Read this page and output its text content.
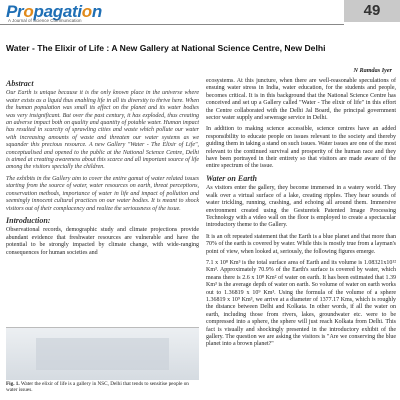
Propagation
A Journal of Science Communication
49
Water - The Elixir of Life : A New Gallery at National Science Centre, New Delhi
N Ramdas Iyer
Abstract

Our Earth is unique because it is the only known place in the universe where water exists as a liquid thus enabling life in all its diversity to thrive here. When the human population was small its effect on the planet and its water bodies was very insignificant. But over the past century, it has exploded, thus creating an adverse impact both on quality and quantity of potable water. Human impact has resulted in scarcity of sprawling cities and waste which pollute our water with increasing amounts of waste and threaten our water systems as we squander this precious resource. A new Gallery "Water - The Elixir of Life", conceptualised and opened to the public at the National Science Centre, Delhi is aimed at creating awareness about this scarce and all important source of life among the visitors specially the children.

The exhibits in the Gallery aim to cover the entire gamut of water related issues starting from the source of water, water resources on earth, threat perceptions, conservation methods, importance of water in life and impact of pollution and seemingly innocent cultural practices on our water bodies. It is meant to shock visitors out of their complacency and realize the seriousness of the issue.

Introduction:

Observational records, demographic study and climate projections provide abundant evidence that freshwater resources are vulnerable and have the potential to be strongly impacted by climate change, with wide-ranging consequences for human societies and

Fig. 1. Water the elixir of life is a gallery in NSC, Delhi that tends to sensitise people on water issues.

ecosystems. At this juncture, when there are well-reasonable speculations of ensuing water stress in India, water education, for the students and people, becomes critical. It is in this background that the National Science Centre has conceived and set up a Gallery called "Water - The elixir of life" in this effort the Centre collaborated with the Delhi Jal Board, the principal government sector water supply and sewerage service in Delhi.

In addition to making science accessible, science centres have an added responsibility to educate people on issues relevant to the society and thereby guiding them in taking a stand on such issues. Water issues are one of the most relevant to the continued survival and prosperity of the human race and they have been portrayed in their entirety so that visitors are made aware of the entire spectrum of the issue.

Water on Earth

As visitors enter the gallery, they become immersed in a watery world. They walk over a virtual surface of a lake, creating ripples. They hear sounds of water trickling, running, crashing, and echoing all around them. Immersive environment created using the Gesturetek Patented Image Processing Technology with a video wall on the floor is employed to create a spectacular introductory theme to the Gallery.

It is an oft repeated statement that the Earth is a blue planet and that more than 70% of the earth is covered by water. While this is mostly true from a layman's point of view, when looked at, seriously, the following figures emerge.

7.1 x 10⁸ Km³ is the total surface area of Earth and its volume is 1.08321x10¹² Km³. Approximately 70.9% of the Earth's surface is covered by water, which means there is 2.6 x 10⁸ Km² of water on earth. It has been estimated that 1.39 Km³ is the average depth of water on earth. So volume of water on earth works out to 1.36819 x 10⁹ Km³. Using the formula of the volume of a sphere 1.36819 x 10⁹ Km³, we arrive at a diameter of 1377.17 Kms, which is roughly the distance between Delhi and Kolkata. In other words, if all the water on earth, including those from rivers, lakes, groundwater etc. were to be compressed into a sphere, the sphere will just reach Kolkata from Delhi. This fact is visually and shockingly presented in the introductory exhibit of the gallery. The question we are asking the visitors is "Are we conserving the blue planet into a brown planet?"
